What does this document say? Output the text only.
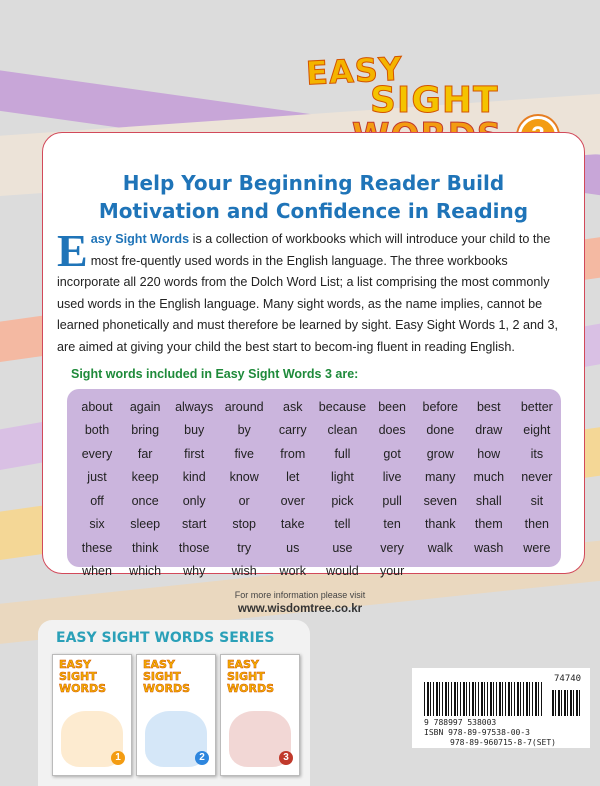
EASY
SIGHT
Help Your Beginning Reader Build
Motivation and Confidence in Reading
Easy Sight Words is a collection of workbooks which will introduce your child to the most fre-quently used words in the English language. The three workbooks incorporate all 220 words from the Dolch Word List; a list comprising the most commonly used words in the English language. Many sight words, as the name implies, cannot be learned phonetically and must therefore be learned by sight. Easy Sight Words 1, 2 and 3, are aimed at giving your child the best start to becom-ing fluent in reading English.
Sight words included in Easy Sight Words 3 are:
about	again	always	around	ask	because	been	before	best	better
both	bring	buy	by	carry	clean	does	done	draw	eight
every	far	first	five	from	full	got	grow	how	its
just	keep	kind	know	let	light	live	many	much	never
off	once	only	or	over	pick	pull	seven	shall	sit
six	sleep	start	stop	take	tell	ten	thank	them	then
these	think	those	try	us	use	very	walk	wash	were
when	which	why	wish	work	would	your			
For more information please visit
www.wisdomtree.co.kr
EASY SIGHT WORDS SERIES
EASY
SIGHT
WORDS
1
EASY
SIGHT
WORDS
2
EASY
SIGHT
WORDS
3
74740
9 788997 538003
ISBN 978-89-97538-00-3
978-89-960715-8-7(SET)
